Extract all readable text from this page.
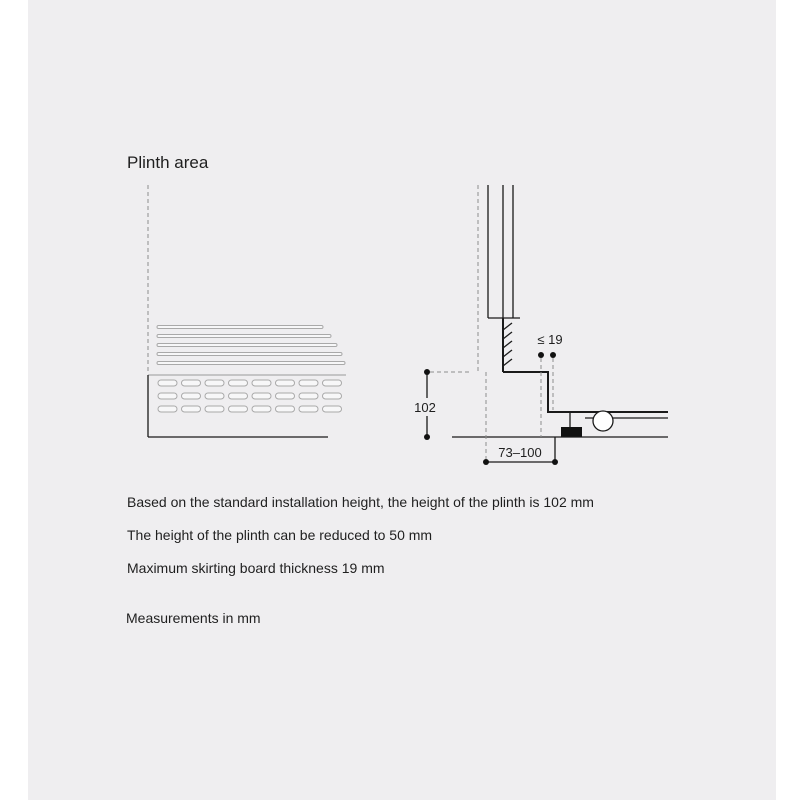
Plinth area
≤ 19
102
73–100
Based on the standard installation height, the height of the plinth is 102 mm
The height of the plinth can be reduced to 50 mm
Maximum skirting board thickness 19 mm
Measurements in mm
